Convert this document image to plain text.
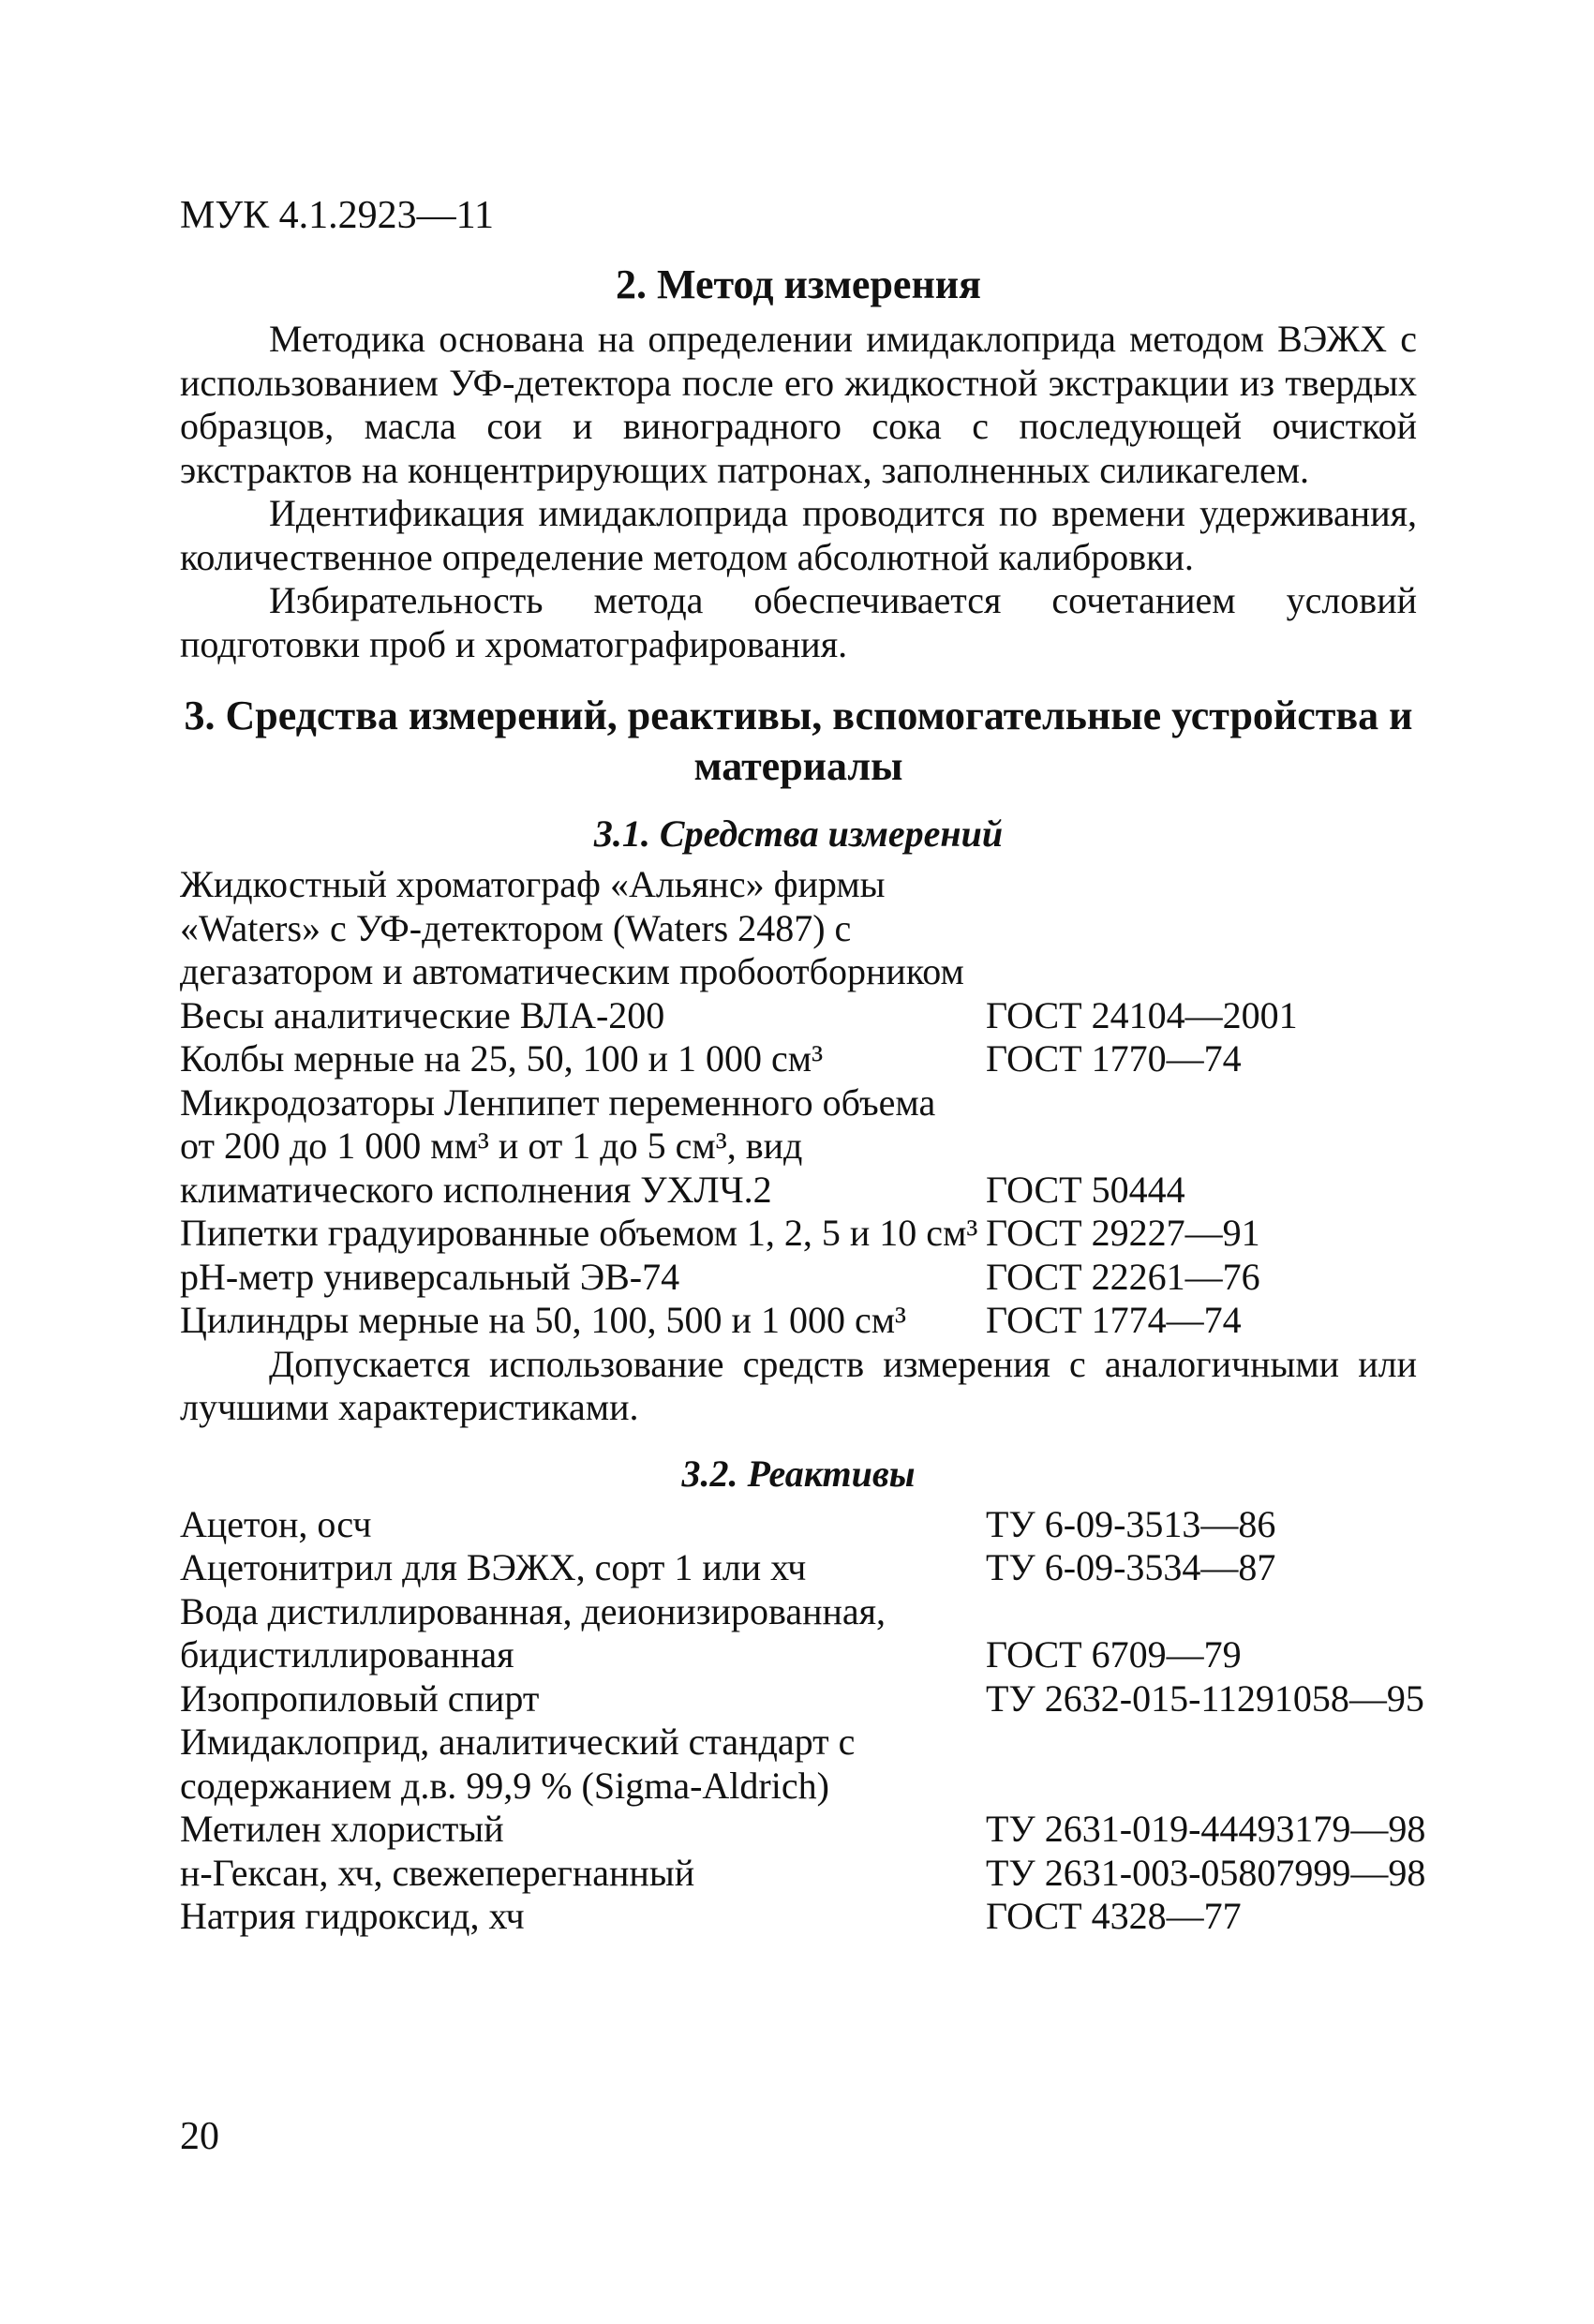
МУК 4.1.2923—11
2. Метод измерения

Методика основана на определении имидаклоприда методом ВЭЖХ с использованием УФ-детектора после его жидкостной экстракции из твердых образцов, масла сои и виноградного сока с последующей очисткой экстрактов на концентрирующих патронах, заполненных силикагелем.

Идентификация имидаклоприда проводится по времени удерживания, количественное определение методом абсолютной калибровки.

Избирательность метода обеспечивается сочетанием условий подготовки проб и хроматографирования.

3. Средства измерений, реактивы, вспомогательные устройства и материалы
3.1. Средства измерений
Жидкостный хроматограф «Альянс» фирмы
«Waters» с УФ-детектором (Waters 2487) с
дегазатором и автоматическим пробоотборником
Весы аналитические ВЛА-200	ГОСТ 24104—2001
Колбы мерные на 25, 50, 100 и 1 000 см³	ГОСТ 1770—74
Микродозаторы Ленпипет переменного объема
от 200 до 1 000 мм³ и от 1 до 5 см³, вид
климатического исполнения УХЛЧ.2	ГОСТ 50444
Пипетки градуированные объемом 1, 2, 5 и 10 см³ ГОСТ 29227—91
pH-метр универсальный ЭВ-74	ГОСТ 22261—76
Цилиндры мерные на 50, 100, 500 и 1 000 см³	ГОСТ 1774—74

Допускается использование средств измерения с аналогичными или лучшими характеристиками.

3.2. Реактивы
Ацетон, осч	ТУ 6-09-3513—86
Ацетонитрил для ВЭЖХ, сорт 1 или хч	ТУ 6-09-3534—87
Вода дистиллированная, деионизированная,
бидистиллированная	ГОСТ 6709—79
Изопропиловый спирт	ТУ 2632-015-11291058—95
Имидаклоприд, аналитический стандарт с
содержанием д.в. 99,9 % (Sigma-Aldrich)
Метилен хлористый	ТУ 2631-019-44493179—98
н-Гексан, хч, свежеперегнанный	ТУ 2631-003-05807999—98
Натрия гидроксид, хч	ГОСТ 4328—77
20
